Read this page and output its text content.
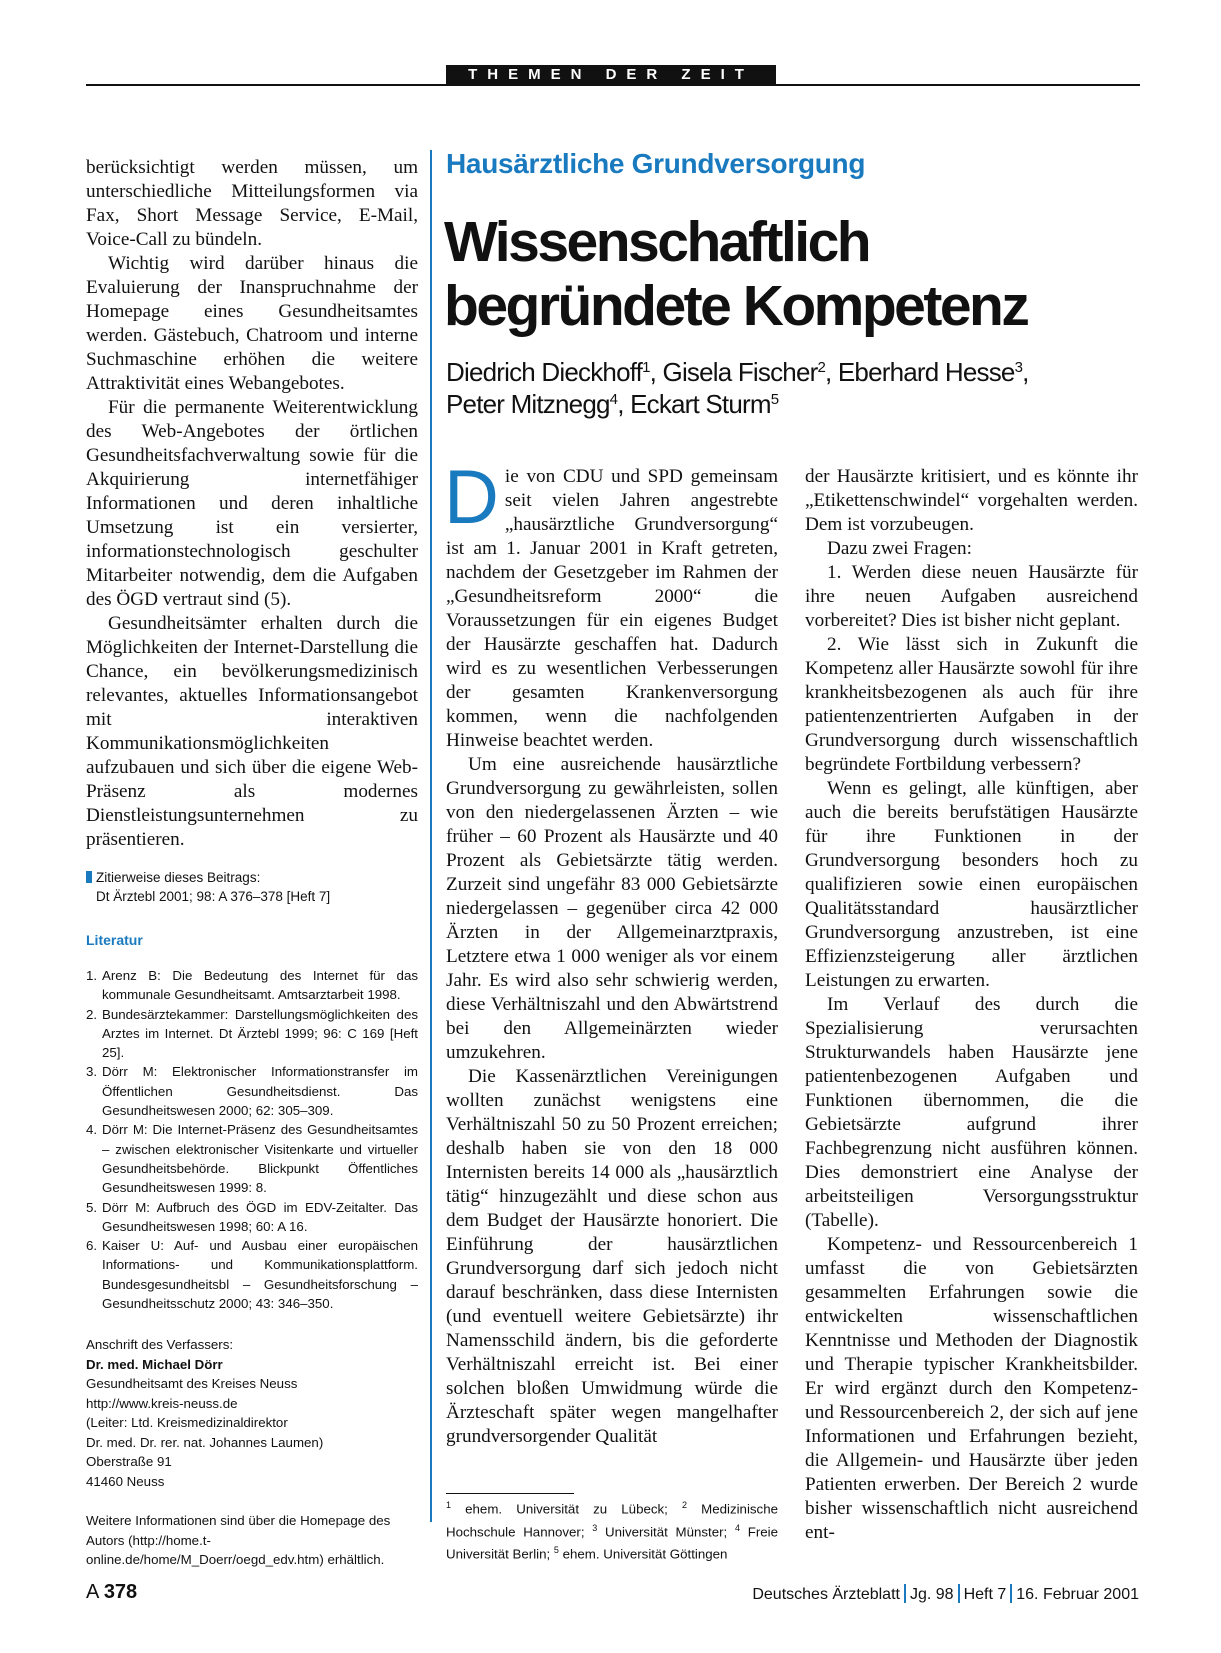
THEMEN DER ZEIT

berücksichtigt werden müssen, um unterschiedliche Mitteilungsformen via Fax, Short Message Service, E-Mail, Voice-Call zu bündeln.

Wichtig wird darüber hinaus die Evaluierung der Inanspruchnahme der Homepage eines Gesundheitsamtes werden. Gästebuch, Chatroom und interne Suchmaschine erhöhen die weitere Attraktivität eines Webangebotes.

Für die permanente Weiterentwicklung des Web-Angebotes der örtlichen Gesundheitsfachverwaltung sowie für die Akquirierung internetfähiger Informationen und deren inhaltliche Umsetzung ist ein versierter, informationstechnologisch geschulter Mitarbeiter notwendig, dem die Aufgaben des ÖGD vertraut sind (5).

Gesundheitsämter erhalten durch die Möglichkeiten der Internet-Darstellung die Chance, ein bevölkerungsmedizinisch relevantes, aktuelles Informationsangebot mit interaktiven Kommunikationsmöglichkeiten aufzubauen und sich über die eigene Web-Präsenz als modernes Dienstleistungsunternehmen zu präsentieren.

Zitierweise dieses Beitrags:
Dt Ärztebl 2001; 98: A 376–378 [Heft 7]
Literatur
1. Arenz B: Die Bedeutung des Internet für das kommunale Gesundheitsamt. Amtsarztarbeit 1998.
2. Bundesärztekammer: Darstellungsmöglichkeiten des Arztes im Internet. Dt Ärztebl 1999; 96: C 169 [Heft 25].
3. Dörr M: Elektronischer Informationstransfer im Öffentlichen Gesundheitsdienst. Das Gesundheitswesen 2000; 62: 305–309.
4. Dörr M: Die Internet-Präsenz des Gesundheitsamtes – zwischen elektronischer Visitenkarte und virtueller Gesundheitsbehörde. Blickpunkt Öffentliches Gesundheitswesen 1999: 8.
5. Dörr M: Aufbruch des ÖGD im EDV-Zeitalter. Das Gesundheitswesen 1998; 60: A 16.
6. Kaiser U: Auf- und Ausbau einer europäischen Informations- und Kommunikationsplattform. Bundesgesundheitsbl – Gesundheitsforschung – Gesundheitsschutz 2000; 43: 346–350.
Anschrift des Verfassers:
Dr. med. Michael Dörr
Gesundheitsamt des Kreises Neuss
http://www.kreis-neuss.de
(Leiter: Ltd. Kreismedizinaldirektor
Dr. med. Dr. rer. nat. Johannes Laumen)
Oberstraße 91
41460 Neuss
Weitere Informationen sind über die Homepage des Autors (http://home.t-online.de/home/M_Doerr/oegd_edv.htm) erhältlich.
Hausärztliche Grundversorgung
Wissenschaftlich
begründete Kompetenz
Diedrich Dieckhoff$^1$, Gisela Fischer$^2$, Eberhard Hesse$^3$,
Peter Mitznegg$^4$, Eckart Sturm$^5$

Die von CDU und SPD gemeinsam seit vielen Jahren angestrebte „hausärztliche Grundversorgung“ ist am 1. Januar 2001 in Kraft getreten, nachdem der Gesetzgeber im Rahmen der „Gesundheitsreform 2000“ die Voraussetzungen für ein eigenes Budget der Hausärzte geschaffen hat. Dadurch wird es zu wesentlichen Verbesserungen der gesamten Krankenversorgung kommen, wenn die nachfolgenden Hinweise beachtet werden.

Um eine ausreichende hausärztliche Grundversorgung zu gewährleisten, sollen von den niedergelassenen Ärzten – wie früher – 60 Prozent als Hausärzte und 40 Prozent als Gebietsärzte tätig werden. Zurzeit sind ungefähr 83 000 Gebietsärzte niedergelassen – gegenüber circa 42 000 Ärzten in der Allgemeinarztpraxis, Letztere etwa 1 000 weniger als vor einem Jahr. Es wird also sehr schwierig werden, diese Verhältniszahl und den Abwärtstrend bei den Allgemeinärzten wieder umzukehren.

Die Kassenärztlichen Vereinigungen wollten zunächst wenigstens eine Verhältniszahl 50 zu 50 Prozent erreichen; deshalb haben sie von den 18 000 Internisten bereits 14 000 als „hausärztlich tätig“ hinzugezählt und diese schon aus dem Budget der Hausärzte honoriert. Die Einführung der hausärztlichen Grundversorgung darf sich jedoch nicht darauf beschränken, dass diese Internisten (und eventuell weitere Gebietsärzte) ihr Namensschild ändern, bis die geforderte Verhältniszahl erreicht ist. Bei einer solchen bloßen Umwidmung würde die Ärzteschaft später wegen mangelhafter grundversorgender Qualität

der Hausärzte kritisiert, und es könnte ihr „Etikettenschwindel“ vorgehalten werden. Dem ist vorzubeugen.

Dazu zwei Fragen:

1. Werden diese neuen Hausärzte für ihre neuen Aufgaben ausreichend vorbereitet? Dies ist bisher nicht geplant.

2. Wie lässt sich in Zukunft die Kompetenz aller Hausärzte sowohl für ihre krankheitsbezogenen als auch für ihre patientenzentrierten Aufgaben in der Grundversorgung durch wissenschaftlich begründete Fortbildung verbessern?

Wenn es gelingt, alle künftigen, aber auch die bereits berufstätigen Hausärzte für ihre Funktionen in der Grundversorgung besonders hoch zu qualifizieren sowie einen europäischen Qualitätsstandard hausärztlicher Grundversorgung anzustreben, ist eine Effizienzsteigerung aller ärztlichen Leistungen zu erwarten.

Im Verlauf des durch die Spezialisierung verursachten Strukturwandels haben Hausärzte jene patientenbezogenen Aufgaben und Funktionen übernommen, die die Gebietsärzte aufgrund ihrer Fachbegrenzung nicht ausführen können. Dies demonstriert eine Analyse der arbeitsteiligen Versorgungsstruktur (Tabelle).

Kompetenz- und Ressourcenbereich 1 umfasst die von Gebietsärzten gesammelten Erfahrungen sowie die entwickelten wissenschaftlichen Kenntnisse und Methoden der Diagnostik und Therapie typischer Krankheitsbilder. Er wird ergänzt durch den Kompetenz- und Ressourcenbereich 2, der sich auf jene Informationen und Erfahrungen bezieht, die Allgemein- und Hausärzte über jeden Patienten erwerben. Der Bereich 2 wurde bisher wissenschaftlich nicht ausreichend ent-

$^1$ ehem. Universität zu Lübeck; $^2$ Medizinische Hochschule Hannover; $^3$ Universität Münster; $^4$ Freie Universität Berlin; $^5$ ehem. Universität Göttingen
A 378	Deutsches Ärzteblatt Jg. 98 Heft 7 16. Februar 2001
